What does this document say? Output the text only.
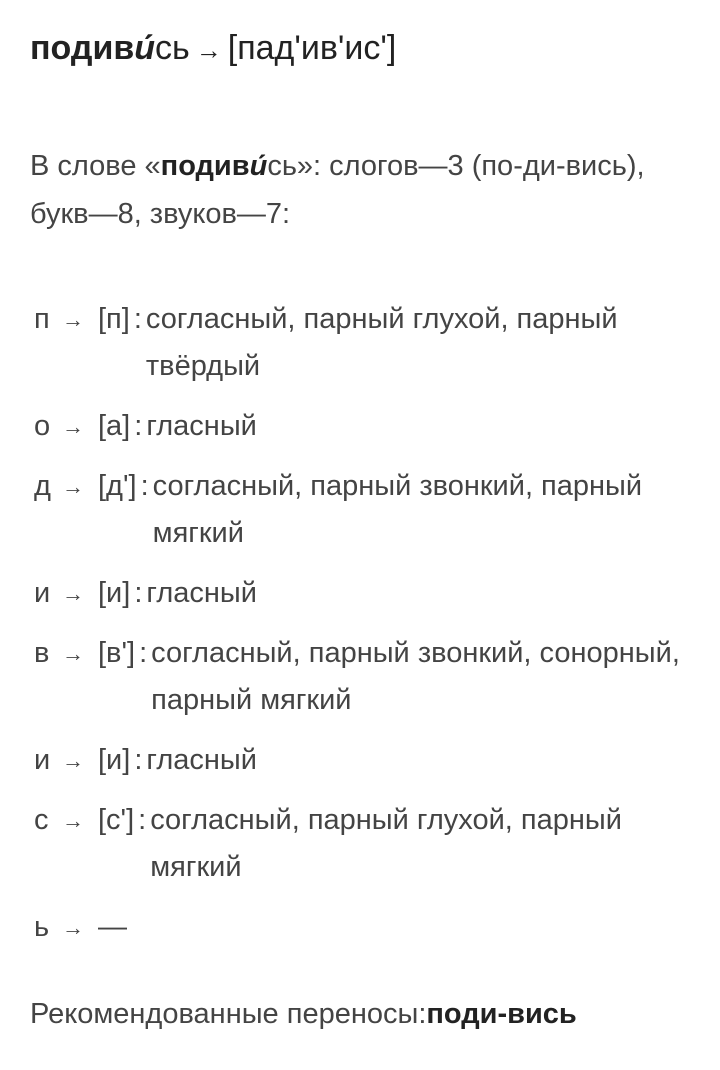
подиви́сь → [пад'ив'ис']
В слове «подиви́сь»: слогов—3 (по-ди-вись), букв—8, звуков—7:
п → [п] : согласный, парный глухой, парный твёрдый
о → [а] : гласный
д → [д'] : согласный, парный звонкий, парный мягкий
и → [и] : гласный
в → [в'] : согласный, парный звонкий, сонорный, парный мягкий
и → [и] : гласный
с → [с'] : согласный, парный глухой, парный мягкий
ь → —
Рекомендованные переносы:поди-вись
